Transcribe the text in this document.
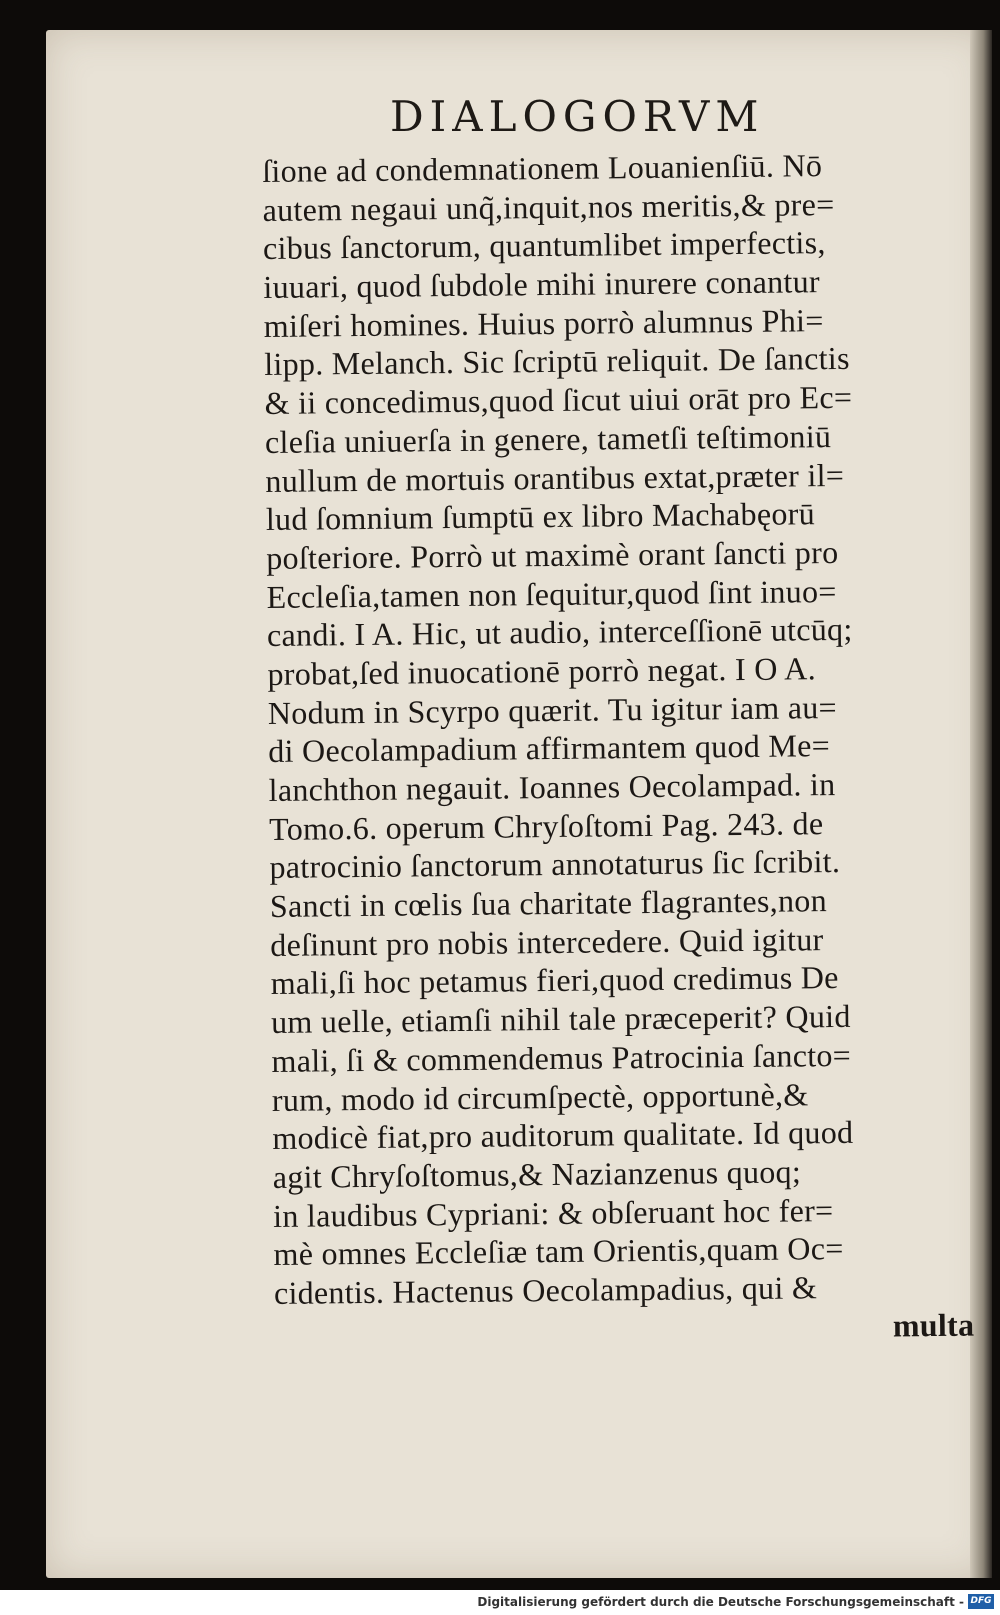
DIALOGORVM
ſione ad condemnationem Louanienſiū. Nō
autem negaui unq̃,inquit,nos meritis,& pre=
cibus ſanctorum, quantumlibet imperfectis,
iuuari, quod ſubdole mihi inurere conantur
miſeri homines. Huius porrò alumnus Phi=
lipp. Melanch. Sic ſcriptū reliquit. De ſanctis
& ii concedimus,quod ſicut uiui orāt pro Ec=
cleſia uniuerſa in genere, tametſi teſtimoniū
nullum de mortuis orantibus extat,præter il=
lud ſomnium ſumptū ex libro Machabęorū
poſteriore. Porrò ut maximè orant ſancti pro
Eccleſia,tamen non ſequitur,quod ſint inuo=
candi. I A. Hic, ut audio, interceſſionē utcūq;
probat,ſed inuocationē porrò negat. I O A.
Nodum in Scyrpo quærit. Tu igitur iam au=
di Oecolampadium affirmantem quod Me=
lanchthon negauit. Ioannes Oecolampad. in
Tomo.6. operum Chryſoſtomi Pag. 243. de
patrocinio ſanctorum annotaturus ſic ſcribit.
Sancti in cœlis ſua charitate flagrantes,non
deſinunt pro nobis intercedere. Quid igitur
mali,ſi hoc petamus fieri,quod credimus De
um uelle, etiamſi nihil tale præceperit? Quid
mali, ſi & commendemus Patrocinia ſancto=
rum, modo id circumſpectè, opportunè,&
modicè fiat,pro auditorum qualitate. Id quod
agit Chryſoſtomus,& Nazianzenus quoq;
in laudibus Cypriani: & obſeruant hoc fer=
mè omnes Eccleſiæ tam Orientis,quam Oc=
cidentis. Hactenus Oecolampadius, qui &
multa
Digitalisierung gefördert durch die Deutsche Forschungsgemeinschaft - DFG
